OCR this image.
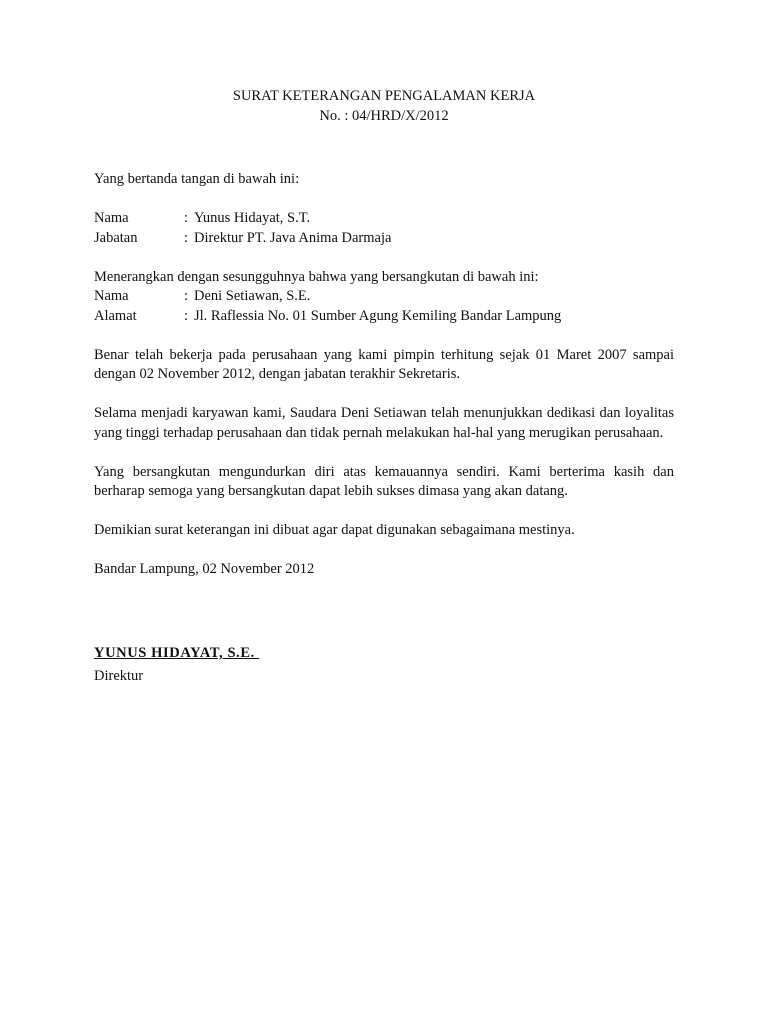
SURAT KETERANGAN PENGALAMAN KERJA
No. : 04/HRD/X/2012

Yang bertanda tangan di bawah ini:

Nama	: Yunus Hidayat, S.T.
Jabatan	: Direktur PT. Java Anima Darmaja

Menerangkan dengan sesungguhnya bahwa yang bersangkutan di bawah ini:

Nama	: Deni Setiawan, S.E.
Alamat	: Jl. Raflessia No. 01 Sumber Agung Kemiling Bandar Lampung

Benar telah bekerja pada perusahaan yang kami pimpin terhitung sejak 01 Maret 2007 sampai dengan 02 November 2012, dengan jabatan terakhir Sekretaris.

Selama menjadi karyawan kami, Saudara Deni Setiawan telah menunjukkan dedikasi dan loyalitas yang tinggi terhadap perusahaan dan tidak pernah melakukan hal-hal yang merugikan perusahaan.

Yang bersangkutan mengundurkan diri atas kemauannya sendiri. Kami berterima kasih dan berharap semoga yang bersangkutan dapat lebih sukses dimasa yang akan datang.

Demikian surat keterangan ini dibuat agar dapat digunakan sebagaimana mestinya.

Bandar Lampung, 02 November 2012

YUNUS HIDAYAT, S.E.
Direktur
